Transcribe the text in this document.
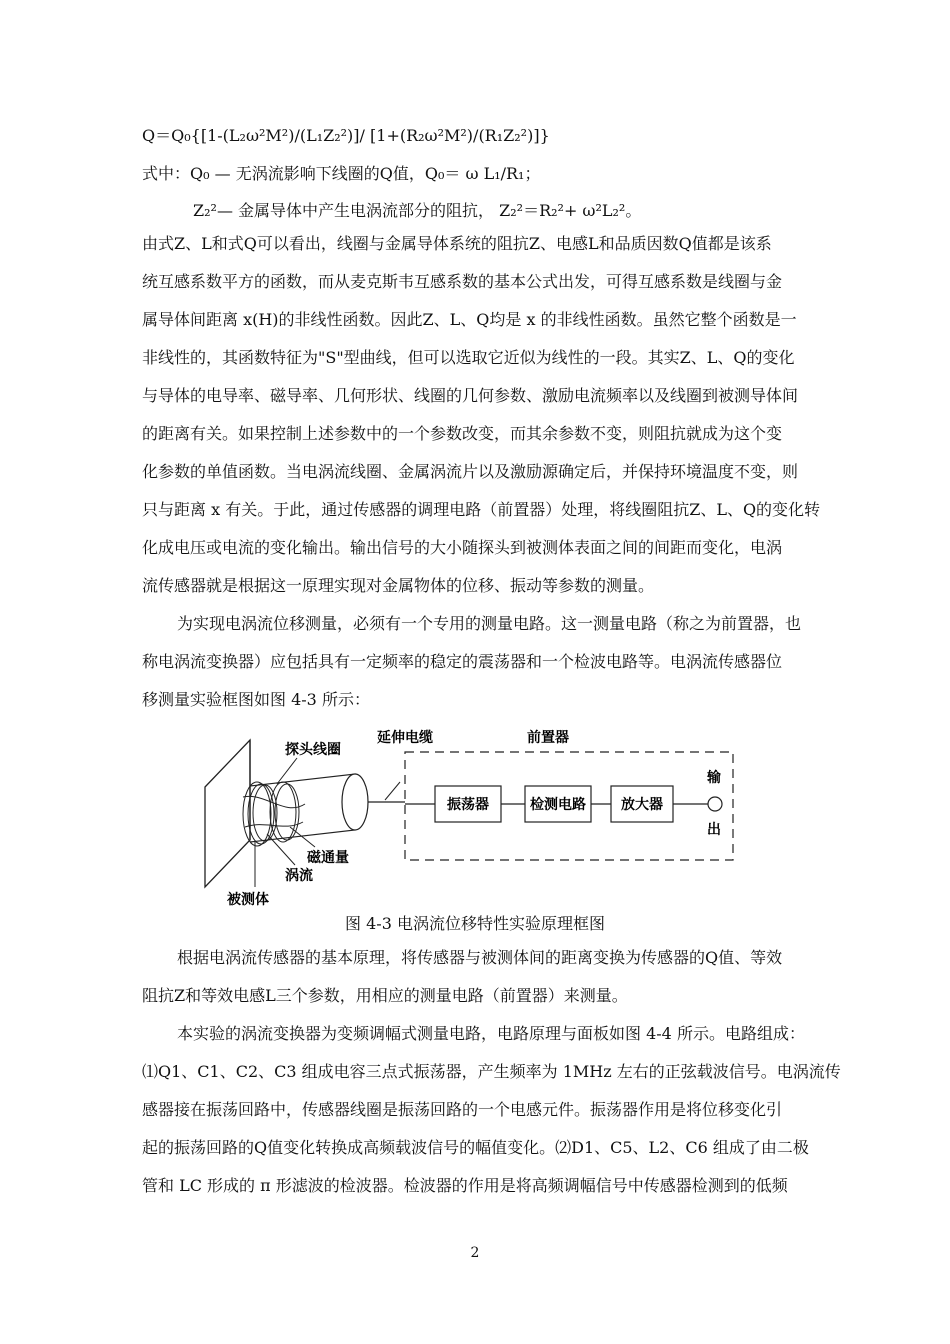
Q＝Q₀{[1-(L₂ω²M²)/(L₁Z₂²)]/ [1+(R₂ω²M²)/(R₁Z₂²)]}
式中：Q₀ — 无涡流影响下线圈的Q值，Q₀＝ ω L₁/R₁；
Z₂²— 金属导体中产生电涡流部分的阻抗， Z₂²＝R₂²+ ω²L₂²。
由式Z、L和式Q可以看出，线圈与金属导体系统的阻抗Z、电感L和品质因数Q值都是该系
统互感系数平方的函数，而从麦克斯韦互感系数的基本公式出发，可得互感系数是线圈与金
属导体间距离 x(H)的非线性函数。因此Z、L、Q均是 x 的非线性函数。虽然它整个函数是一
非线性的，其函数特征为"S"型曲线，但可以选取它近似为线性的一段。其实Z、L、Q的变化
与导体的电导率、磁导率、几何形状、线圈的几何参数、激励电流频率以及线圈到被测导体间
的距离有关。如果控制上述参数中的一个参数改变，而其余参数不变，则阻抗就成为这个变
化参数的单值函数。当电涡流线圈、金属涡流片以及激励源确定后，并保持环境温度不变，则
只与距离 x 有关。于此，通过传感器的调理电路（前置器）处理，将线圈阻抗Z、L、Q的变化转
化成电压或电流的变化输出。输出信号的大小随探头到被测体表面之间的间距而变化，电涡
流传感器就是根据这一原理实现对金属物体的位移、振动等参数的测量。
为实现电涡流位移测量，必须有一个专用的测量电路。这一测量电路（称之为前置器，也
称电涡流变换器）应包括具有一定频率的稳定的震荡器和一个检波电路等。电涡流传感器位
移测量实验框图如图 4-3 所示：
探头线圈
延伸电缆	前置器
振荡器	检测电路	放大器
输
出
磁通量
涡流
被测体
图 4-3 电涡流位移特性实验原理框图
根据电涡流传感器的基本原理，将传感器与被测体间的距离变换为传感器的Q值、等效
阻抗Z和等效电感L三个参数，用相应的测量电路（前置器）来测量。
本实验的涡流变换器为变频调幅式测量电路，电路原理与面板如图 4-4 所示。电路组成：
⑴Q1、C1、C2、C3 组成电容三点式振荡器，产生频率为 1MHz 左右的正弦载波信号。电涡流传
感器接在振荡回路中，传感器线圈是振荡回路的一个电感元件。振荡器作用是将位移变化引
起的振荡回路的Q值变化转换成高频载波信号的幅值变化。⑵D1、C5、L2、C6 组成了由二极
管和 LC 形成的 π 形滤波的检波器。检波器的作用是将高频调幅信号中传感器检测到的低频
2
